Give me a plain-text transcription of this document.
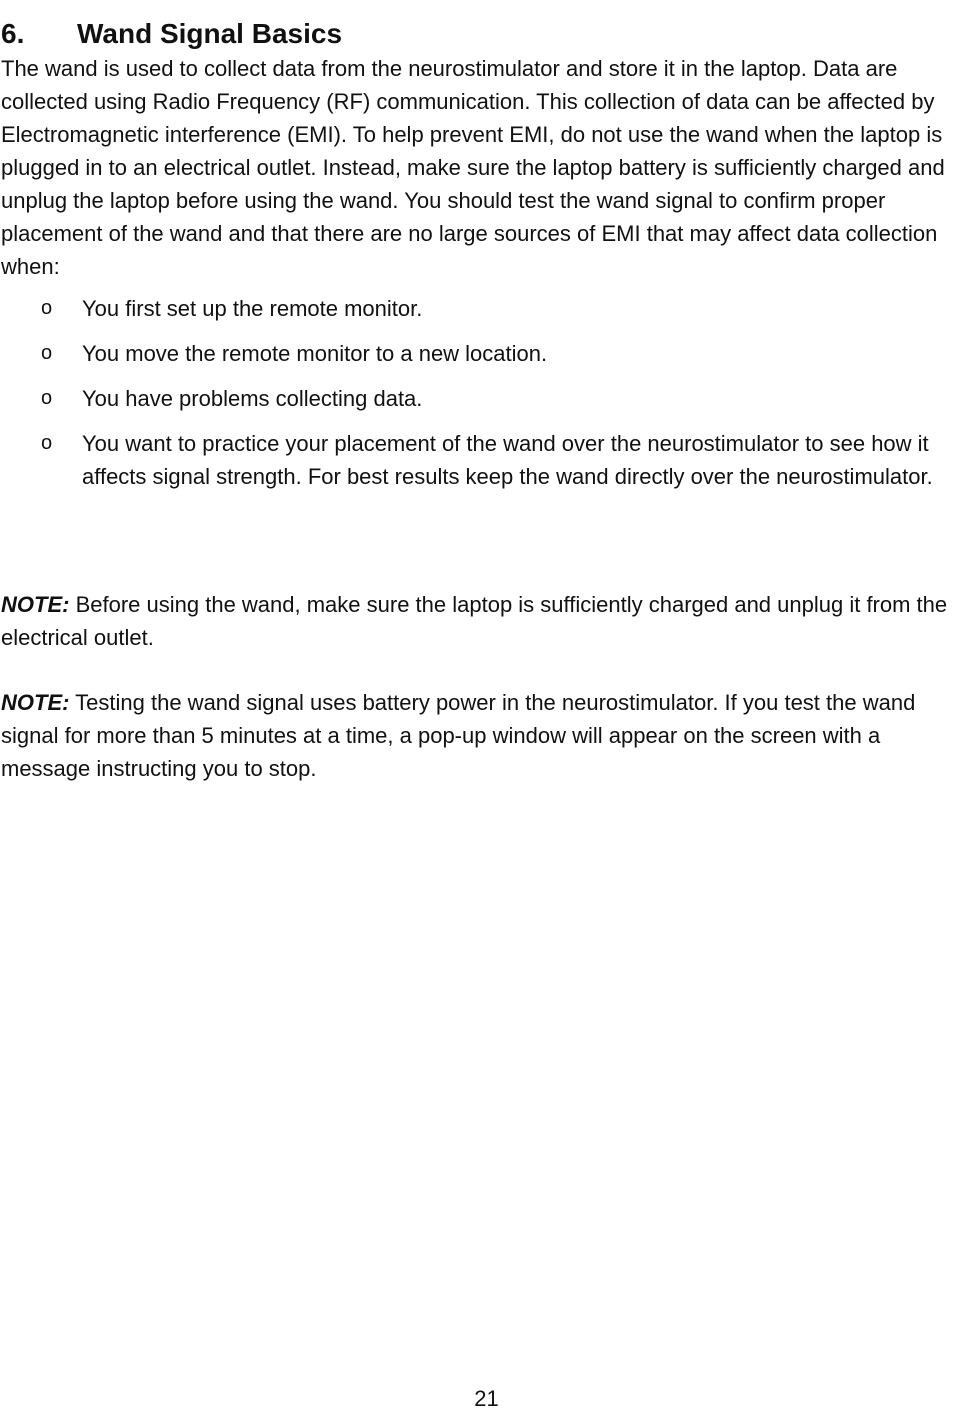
6. Wand Signal Basics

The wand is used to collect data from the neurostimulator and store it in the laptop. Data are collected using Radio Frequency (RF) communication. This collection of data can be affected by Electromagnetic interference (EMI). To help prevent EMI, do not use the wand when the laptop is plugged in to an electrical outlet. Instead, make sure the laptop battery is sufficiently charged and unplug the laptop before using the wand. You should test the wand signal to confirm proper placement of the wand and that there are no large sources of EMI that may affect data collection when:

o You first set up the remote monitor.
o You move the remote monitor to a new location.
o You have problems collecting data.
o You want to practice your placement of the wand over the neurostimulator to see how it affects signal strength. For best results keep the wand directly over the neurostimulator.

NOTE: Before using the wand, make sure the laptop is sufficiently charged and unplug it from the electrical outlet.

NOTE: Testing the wand signal uses battery power in the neurostimulator. If you test the wand signal for more than 5 minutes at a time, a pop-up window will appear on the screen with a message instructing you to stop.

21
